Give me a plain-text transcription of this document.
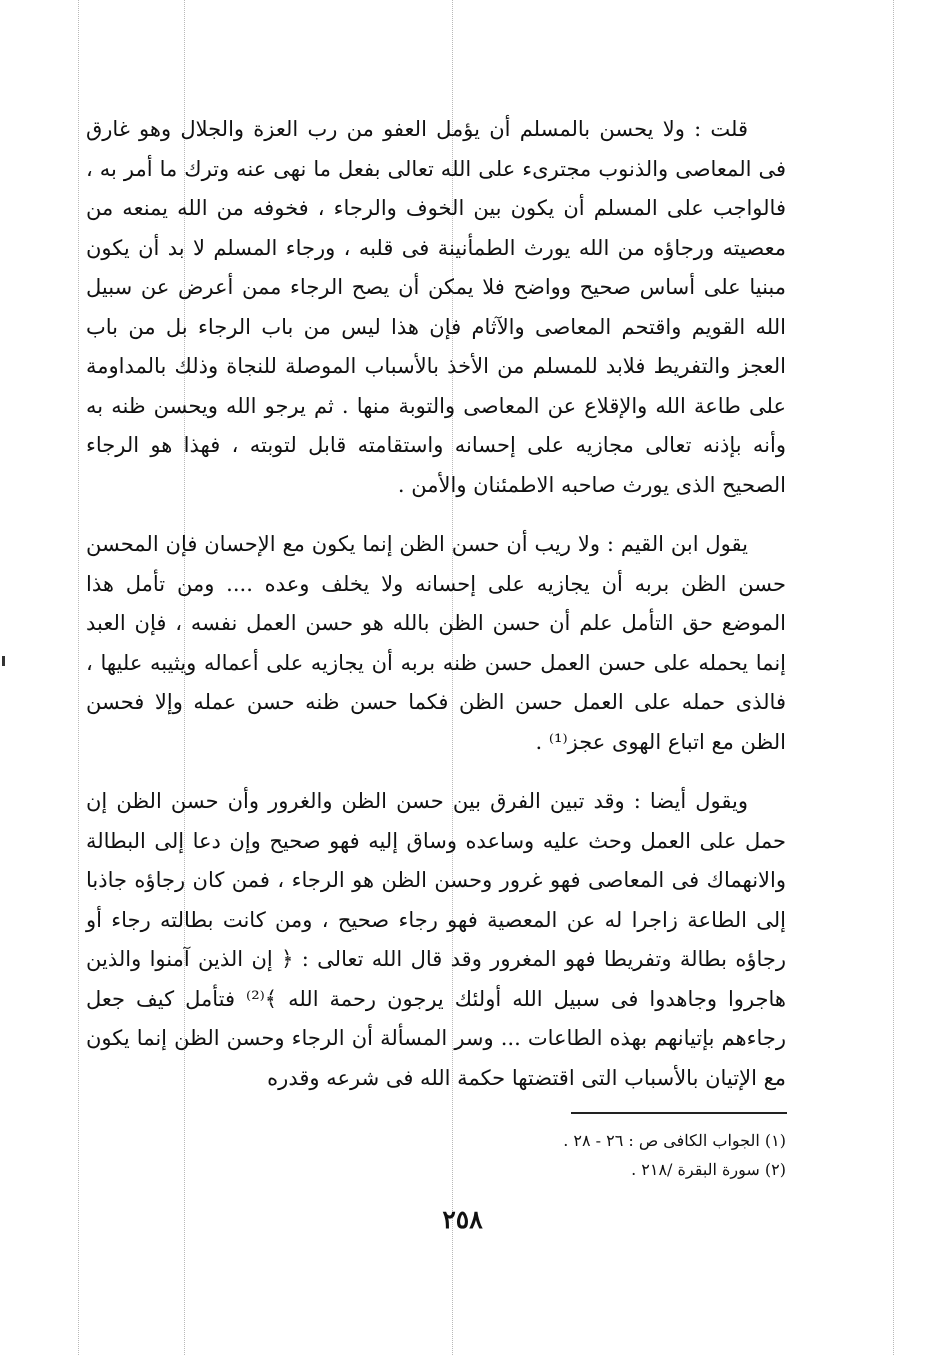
قلت : ولا يحسن بالمسلم أن يؤمل العفو من رب العزة والجلال وهو غارق فى المعاصى والذنوب مجترىء على الله تعالى بفعل ما نهى عنه وترك ما أمر به ، فالواجب على المسلم أن يكون بين الخوف والرجاء ، فخوفه من الله يمنعه من معصيته ورجاؤه من الله يورث الطمأنينة فى قلبه ، ورجاء المسلم لا بد أن يكون مبنيا على أساس صحيح وواضح فلا يمكن أن يصح الرجاء ممن أعرض عن سبيل الله القويم واقتحم المعاصى والآثام فإن هذا ليس من باب الرجاء بل من باب العجز والتفريط فلابد للمسلم من الأخذ بالأسباب الموصلة للنجاة وذلك بالمداومة على طاعة الله والإقلاع عن المعاصى والتوبة منها . ثم يرجو الله ويحسن ظنه به وأنه بإذنه تعالى مجازيه على إحسانه واستقامته قابل لتوبته ، فهذا هو الرجاء الصحيح الذى يورث صاحبه الاطمئنان والأمن .

يقول ابن القيم : ولا ريب أن حسن الظن إنما يكون مع الإحسان فإن المحسن حسن الظن بربه أن يجازيه على إحسانه ولا يخلف وعده .... ومن تأمل هذا الموضع حق التأمل علم أن حسن الظن بالله هو حسن العمل نفسه ، فإن العبد إنما يحمله على حسن العمل حسن ظنه بربه أن يجازيه على أعماله ويثيبه عليها ، فالذى حمله على العمل حسن الظن فكما حسن ظنه حسن عمله وإلا فحسن الظن مع اتباع الهوى عجز⁽¹⁾ .

ويقول أيضا : وقد تبين الفرق بين حسن الظن والغرور وأن حسن الظن إن حمل على العمل وحث عليه وساعده وساق إليه فهو صحيح وإن دعا إلى البطالة والانهماك فى المعاصى فهو غرور وحسن الظن هو الرجاء ، فمن كان رجاؤه جاذبا إلى الطاعة زاجرا له عن المعصية فهو رجاء صحيح ، ومن كانت بطالته رجاء أو رجاؤه بطالة وتفريطا فهو المغرور وقد قال الله تعالى : ﴿ إن الذين آمنوا والذين هاجروا وجاهدوا فى سبيل الله أولئك يرجون رحمة الله ﴾⁽²⁾ فتأمل كيف جعل رجاءهم بإتيانهم بهذه الطاعات ... وسر المسألة أن الرجاء وحسن الظن إنما يكون مع الإتيان بالأسباب التى اقتضتها حكمة الله فى شرعه وقدره

(١) الجواب الكافى ص : ٢٦ - ٢٨ .
(٢) سورة البقرة /٢١٨ .
٢٥٨
